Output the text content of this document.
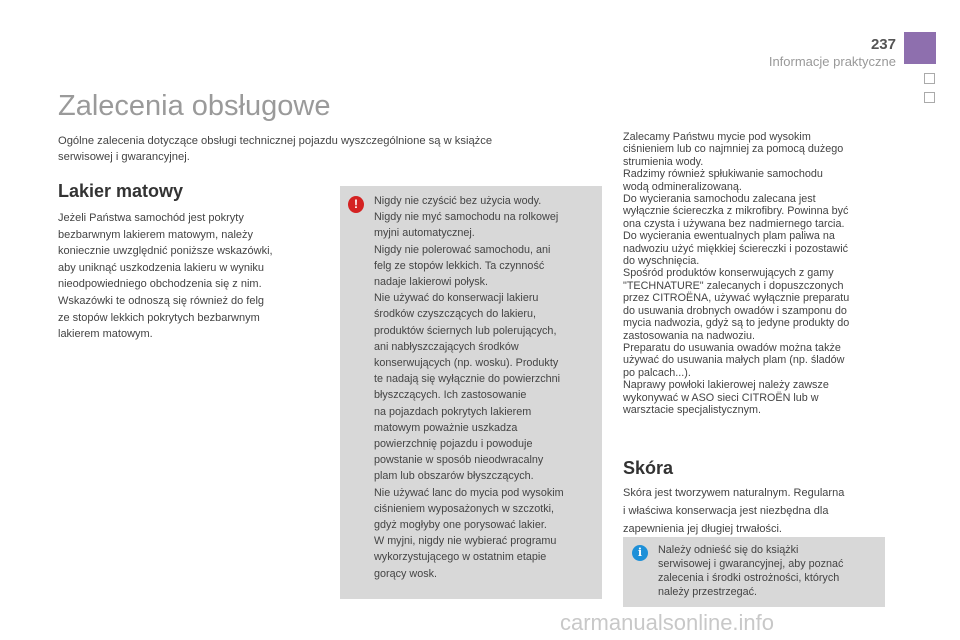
237
Informacje praktyczne
Zalecenia obsługowe
Ogólne zalecenia dotyczące obsługi technicznej pojazdu wyszczególnione są w książce
serwisowej i gwarancyjnej.
Lakier matowy
Jeżeli Państwa samochód jest pokryty
bezbarwnym lakierem matowym, należy
koniecznie uwzględnić poniższe wskazówki,
aby uniknąć uszkodzenia lakieru w wyniku
nieodpowiedniego obchodzenia się z nim.
Wskazówki te odnoszą się również do felg
ze stopów lekkich pokrytych bezbarwnym
lakierem matowym.
!	Nigdy nie czyścić bez użycia wody.
Nigdy nie myć samochodu na rolkowej
myjni automatycznej.
Nigdy nie polerować samochodu, ani
felg ze stopów lekkich. Ta czynność
nadaje lakierowi połysk.
Nie używać do konserwacji lakieru
środków czyszczących do lakieru,
produktów ściernych lub polerujących,
ani nabłyszczających środków
konserwujących (np. wosku). Produkty
te nadają się wyłącznie do powierzchni
błyszczących. Ich zastosowanie
na pojazdach pokrytych lakierem
matowym poważnie uszkadza
powierzchnię pojazdu i powoduje
powstanie w sposób nieodwracalny
plam lub obszarów błyszczących.
Nie używać lanc do mycia pod wysokim
ciśnieniem wyposażonych w szczotki,
gdyż mogłyby one porysować lakier.
W myjni, nigdy nie wybierać programu
wykorzystującego w ostatnim etapie
gorący wosk.
Zalecamy Państwu mycie pod wysokim
ciśnieniem lub co najmniej za pomocą dużego
strumienia wody.
Radzimy również spłukiwanie samochodu
wodą odmineralizowaną.
Do wycierania samochodu zalecana jest
wyłącznie ściereczka z mikrofibry. Powinna być
ona czysta i używana bez nadmiernego tarcia.
Do wycierania ewentualnych plam paliwa na
nadwoziu użyć miękkiej ściereczki i pozostawić
do wyschnięcia.
Spośród produktów konserwujących z gamy
"TECHNATURE" zalecanych i dopuszczonych
przez CITROËNA, używać wyłącznie preparatu
do usuwania drobnych owadów i szamponu do
mycia nadwozia, gdyż są to jedyne produkty do
zastosowania na nadwoziu.
Preparatu do usuwania owadów można także
używać do usuwania małych plam (np. śladów
po palcach...).
Naprawy powłoki lakierowej należy zawsze
wykonywać w ASO sieci CITROËN lub w
warsztacie specjalistycznym.
Skóra
Skóra jest tworzywem naturalnym. Regularna
i właściwa konserwacja jest niezbędna dla
zapewnienia jej długiej trwałości.
i	Należy odnieść się do książki
serwisowej i gwarancyjnej, aby poznać
zalecenia i środki ostrożności, których
należy przestrzegać.
carmanualsonline.info
